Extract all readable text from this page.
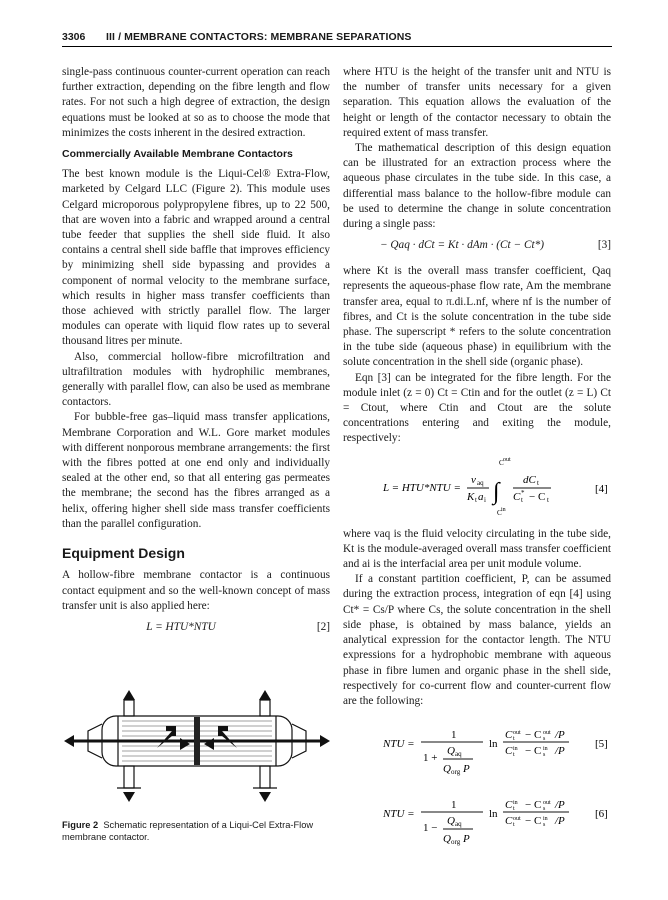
3306 III / MEMBRANE CONTACTORS: MEMBRANE SEPARATIONS

single-pass continuous counter-current operation can reach further extraction, depending on the fibre length and flow rates. For not such a high degree of extraction, the design equations must be looked at so as to choose the mode that minimizes the costs inherent in the desired extraction.

Commercially Available Membrane Contactors

The best known module is the Liqui-Cel® Extra-Flow, marketed by Celgard LLC (Figure 2). This module uses Celgard microporous polypropylene fibres, up to 22 500, that are woven into a fabric and wrapped around a central tube feeder that supplies the shell side fluid. It also contains a central shell side baffle that improves efficiency by minimizing shell side bypassing and provides a component of normal velocity to the membrane surface, which results in higher mass transfer coefficients than those achieved with strictly parallel flow. The larger modules can operate with liquid flow rates up to several thousand litres per minute.

Also, commercial hollow-fibre microfiltration and ultrafiltration modules with hydrophilic membranes, generally with parallel flow, can also be used as membrane contactors.

For bubble-free gas–liquid mass transfer applications, Membrane Corporation and W.L. Gore market modules with different nonporous membrane arrangements: the first with the fibres potted at one end only and individually sealed at the other end, so that all entering gas permeates the membrane; the second has the fibres arranged as a helix, offering higher shell side mass transfer coefficients than the parallel configuration.

Equipment Design

A hollow-fibre membrane contactor is a continuous contact equipment and so the well-known concept of mass transfer unit is also applied here:

L = HTU*NTU	[2]
Figure 2 Schematic representation of a Liqui-Cel Extra-Flow membrane contactor.

where HTU is the height of the transfer unit and NTU is the number of transfer units necessary for a given separation. This equation allows the evaluation of the height or length of the contactor necessary to obtain the required extent of mass transfer.

The mathematical description of this design equation can be illustrated for an extraction process where the aqueous phase circulates in the tube side. In this case, a differential mass balance to the hollow-fibre module can be used to determine the change in solute concentration during a single pass:

− Qaq · dCt = Kt · dAm · (Ct − Ct*)	[3]

where Kt is the overall mass transfer coefficient, Qaq represents the aqueous-phase flow rate, Am the membrane transfer area, equal to π.di.L.nf, where nf is the number of fibres, and Ct is the solute concentration in the tube side phase. The superscript * refers to the solute concentration in the tube side (aqueous phase) in equilibrium with the solute concentration in the shell side (organic phase).

Eqn [3] can be integrated for the fibre length. For the module inlet (z = 0) Ct = Ctin and for the outlet (z = L) Ct = Ctout, where Ctin and Ctout are the solute concentrations entering and exiting the module, respectively:

L = HTU*NTU =
v aq
K t a i ∫
C out
C in
dC t
C t
* − C t
[4]

where vaq is the fluid velocity circulating in the tube side, Kt is the module-averaged overall mass transfer coefficient and ai is the interfacial area per unit module volume.

If a constant partition coefficient, P, can be assumed during the extraction process, integration of eqn [4] using Ct* = Cs/P where Cs, the solute concentration in the shell side phase, is obtained by mass balance, yields an analytical expression for the contactor length. The NTU expressions for a hydrophobic membrane with aqueous phase in fibre lumen and organic phase in the shell side, respectively for co-current flow and counter-current flow are the following:

NTU =
1
1 +
Q aq
Q org P
ln
C out
t − C out
s /P
C in
t − C in
s /P
[5]
NTU =
1
1 −
Q aq
Q org P
ln
C in
t − C out
s /P
C out
t − C in
s /P
[6]
